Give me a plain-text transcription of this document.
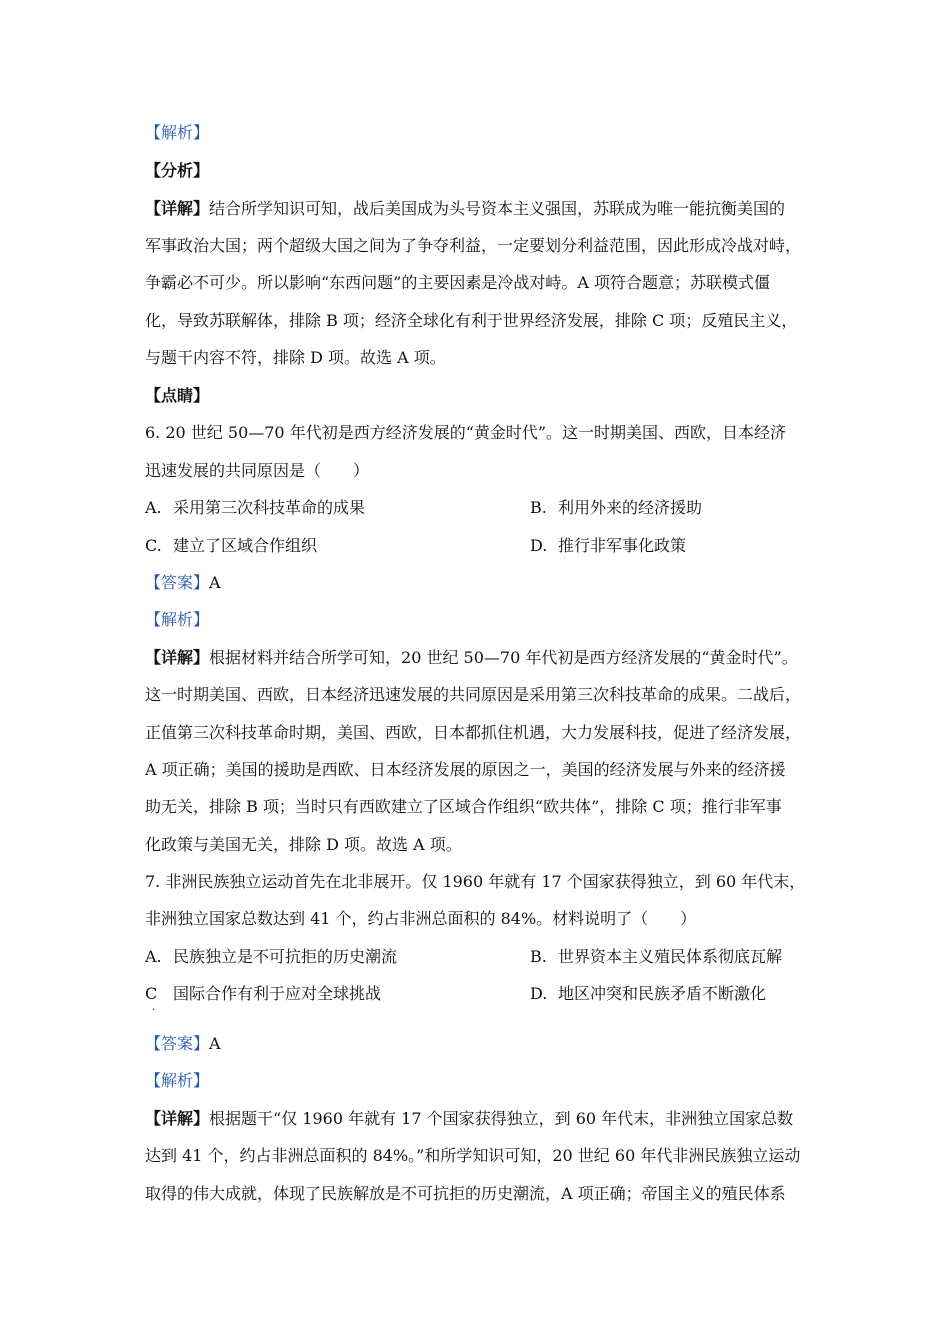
【解析】
【分析】
【详解】结合所学知识可知，战后美国成为头号资本主义强国，苏联成为唯一能抗衡美国的
军事政治大国；两个超级大国之间为了争夺利益，一定要划分利益范围，因此形成冷战对峙，
争霸必不可少。所以影响“东西问题”的主要因素是冷战对峙。A 项符合题意；苏联模式僵
化，导致苏联解体，排除 B 项；经济全球化有利于世界经济发展，排除 C 项；反殖民主义，
与题干内容不符，排除 D 项。故选 A 项。
【点睛】
6. 20 世纪 50—70 年代初是西方经济发展的“黄金时代”。这一时期美国、西欧，日本经济
迅速发展的共同原因是（　　）
A. 采用第三次科技革命的成果	B. 利用外来的经济援助
C. 建立了区域合作组织	D. 推行非军事化政策
【答案】A
【解析】
【详解】根据材料并结合所学可知，20 世纪 50—70 年代初是西方经济发展的“黄金时代”。
这一时期美国、西欧，日本经济迅速发展的共同原因是采用第三次科技革命的成果。二战后，
正值第三次科技革命时期，美国、西欧，日本都抓住机遇，大力发展科技，促进了经济发展，
A 项正确；美国的援助是西欧、日本经济发展的原因之一，美国的经济发展与外来的经济援
助无关，排除 B 项；当时只有西欧建立了区域合作组织“欧共体”，排除 C 项；推行非军事
化政策与美国无关，排除 D 项。故选 A 项。
7. 非洲民族独立运动首先在北非展开。仅 1960 年就有 17 个国家获得独立，到 60 年代末，
非洲独立国家总数达到 41 个，约占非洲总面积的 84%。材料说明了（　　）
A. 民族独立是不可抗拒的历史潮流	B. 世界资本主义殖民体系彻底瓦解
C 国际合作有利于应对全球挑战	D. 地区冲突和民族矛盾不断激化
·
【答案】A
【解析】
【详解】根据题干“仅 1960 年就有 17 个国家获得独立，到 60 年代末，非洲独立国家总数
达到 41 个，约占非洲总面积的 84%。”和所学知识可知，20 世纪 60 年代非洲民族独立运动
取得的伟大成就，体现了民族解放是不可抗拒的历史潮流，A 项正确；帝国主义的殖民体系
